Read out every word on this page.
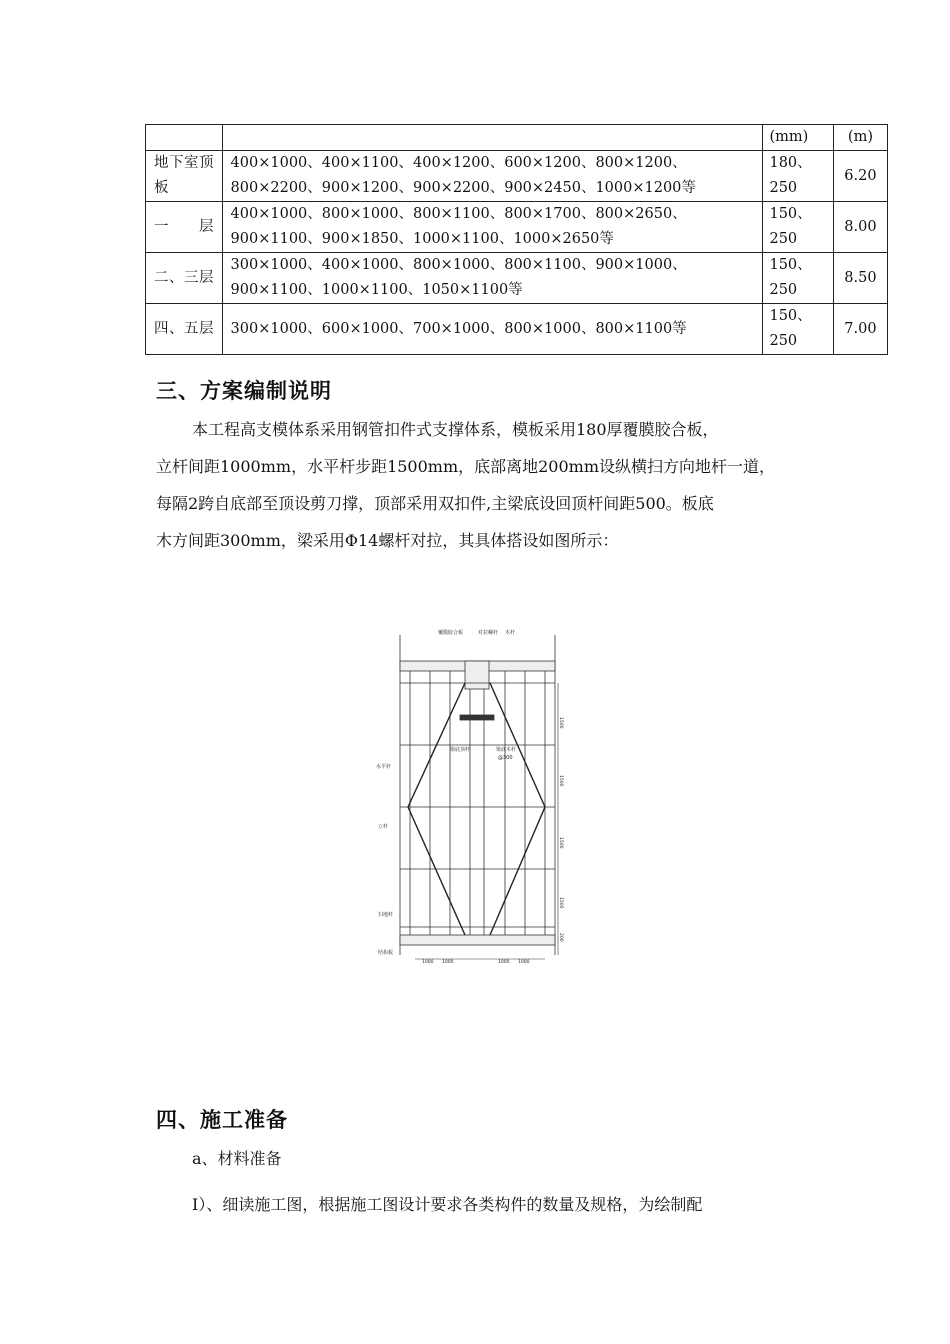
		(mm)	(m)
地下室顶板	400×1000、400×1100、400×1200、600×1200、800×1200、800×2200、900×1200、900×2200、900×2450、1000×1200等	180、250	6.20
一层	400×1000、800×1000、800×1100、800×1700、800×2650、900×1100、900×1850、1000×1100、1000×2650等	150、250	8.00
二、三层	300×1000、400×1000、800×1000、800×1100、900×1000、900×1100、1000×1100、1050×1100等	150、250	8.50
四、五层	300×1000、600×1000、700×1000、800×1000、800×1100等	150、250	7.00
三、方案编制说明
本工程高支模体系采用钢管扣件式支撑体系，模板采用180厚覆膜胶合板，
立杆间距1000mm，水平杆步距1500mm，底部离地200mm设纵横扫方向地杆一道，
每隔2跨自底部至顶设剪刀撑，顶部采用双扣件,主梁底设回顶杆间距500。板底
木方间距300mm，梁采用Φ14螺杆对拉，其具体搭设如图所示：
覆膜胶合板	对拉螺杆 木杆
梁底顶杆	梁底木杆
@300
水平杆
立杆
扫地杆
结构板
1500
1500
1500
1500
200
1000 1000	1000 1000
四、施工准备
a、材料准备
Ⅰ）、细读施工图，根据施工图设计要求各类构件的数量及规格，为绘制配
